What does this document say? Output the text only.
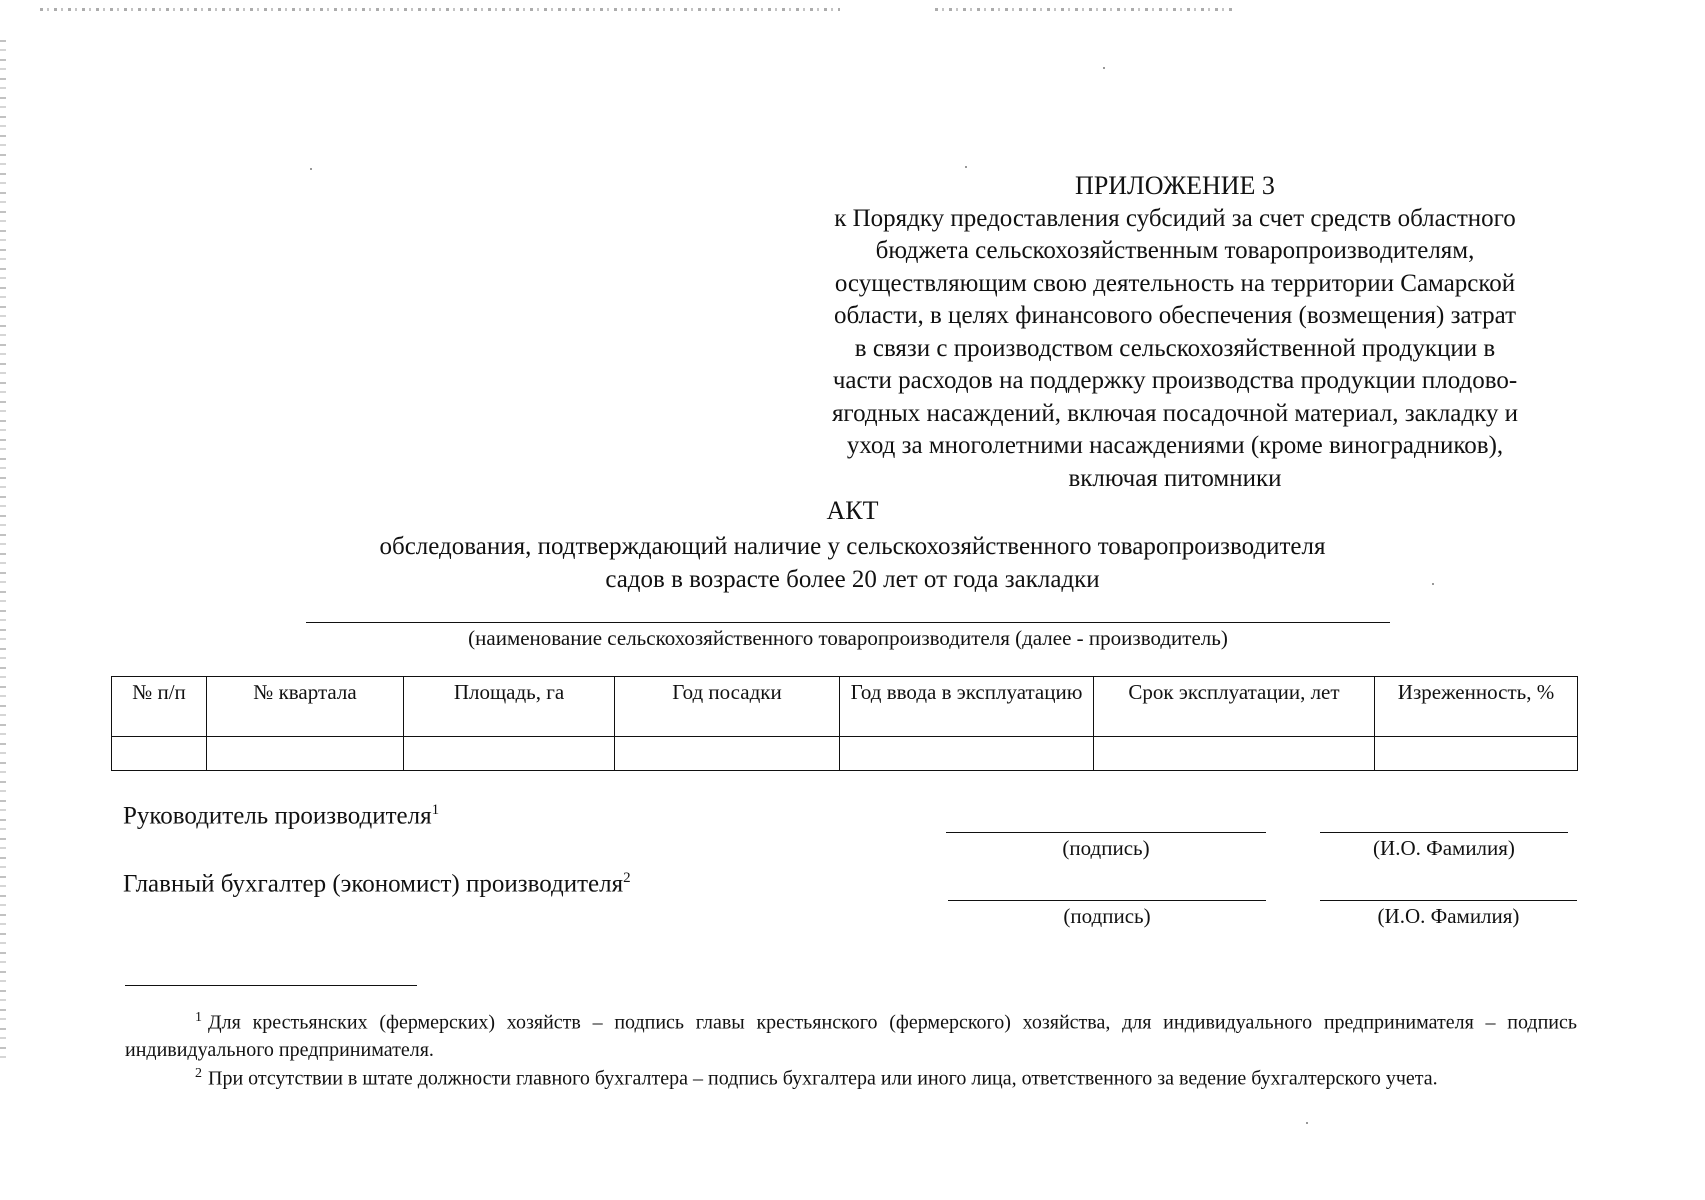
ПРИЛОЖЕНИЕ 3
к Порядку предоставления субсидий за счет средств областного
бюджета сельскохозяйственным товаропроизводителям,
осуществляющим свою деятельность на территории Самарской
области, в целях финансового обеспечения (возмещения) затрат
в связи с производством сельскохозяйственной продукции в
части расходов на поддержку производства продукции плодово-
ягодных насаждений, включая посадочной материал, закладку и
уход за многолетними насаждениями (кроме виноградников),
включая питомники
АКТ
обследования, подтверждающий наличие у сельскохозяйственного товаропроизводителя
садов в возрасте более 20 лет от года закладки
(наименование сельскохозяйственного товаропроизводителя (далее - производитель)
№ п/п	№ квартала	Площадь, га	Год посадки	Год ввода в эксплуатацию	Срок эксплуатации, лет	Изреженность, %

Руководитель производителя$^1$
(подпись)	(И.О. Фамилия)
Главный бухгалтер (экономист) производителя$^2$
(подпись)	(И.О. Фамилия)
$^1$ Для крестьянских (фермерских) хозяйств – подпись главы крестьянского (фермерского) хозяйства, для индивидуального предпринимателя – подпись индивидуального предпринимателя.
$^2$ При отсутствии в штате должности главного бухгалтера – подпись бухгалтера или иного лица, ответственного за ведение бухгалтерского учета.
